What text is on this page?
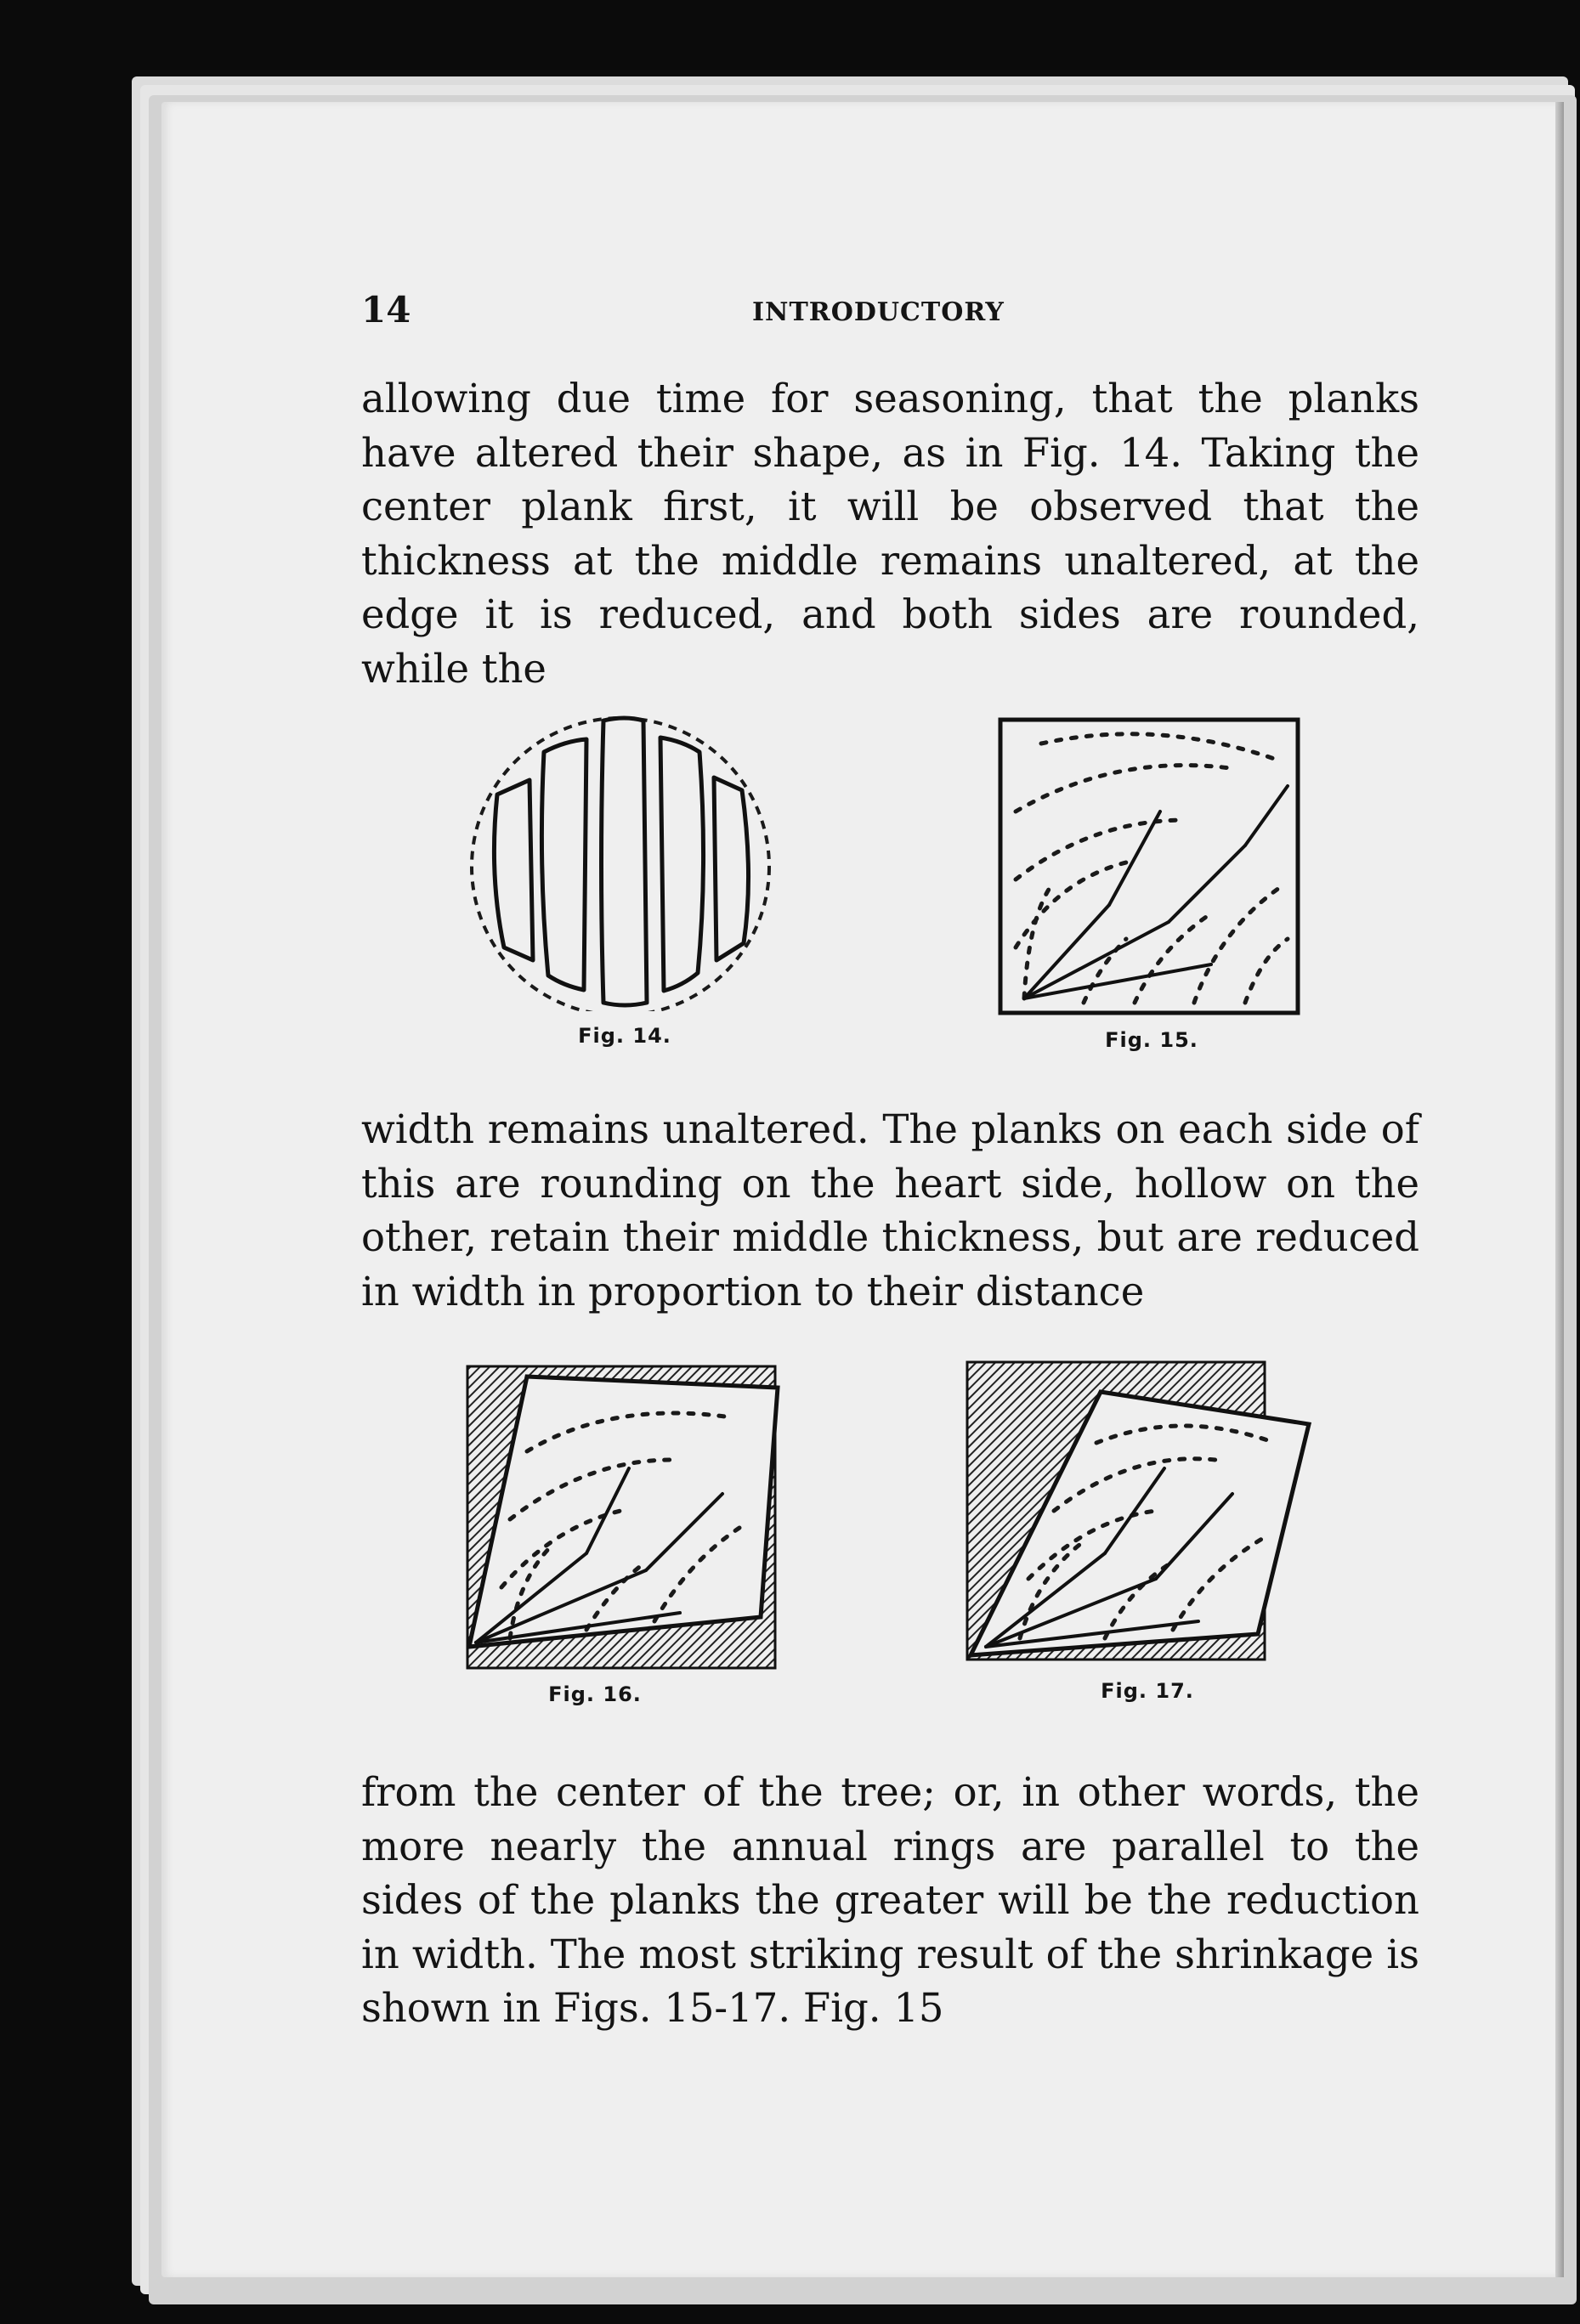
14	INTRODUCTORY

allowing due time for seasoning, that the planks have altered their shape, as in Fig. 14. Taking the center plank first, it will be observed that the thickness at the middle remains unaltered, at the edge it is reduced, and both sides are rounded, while the

Fig. 14.	Fig. 15.

width remains unaltered. The planks on each side of this are rounding on the heart side, hollow on the other, retain their middle thickness, but are reduced in width in proportion to their distance

Fig. 16.	Fig. 17.

from the center of the tree; or, in other words, the more nearly the annual rings are parallel to the sides of the planks the greater will be the reduction in width. The most striking result of the shrinkage is shown in Figs. 15-17. Fig. 15
